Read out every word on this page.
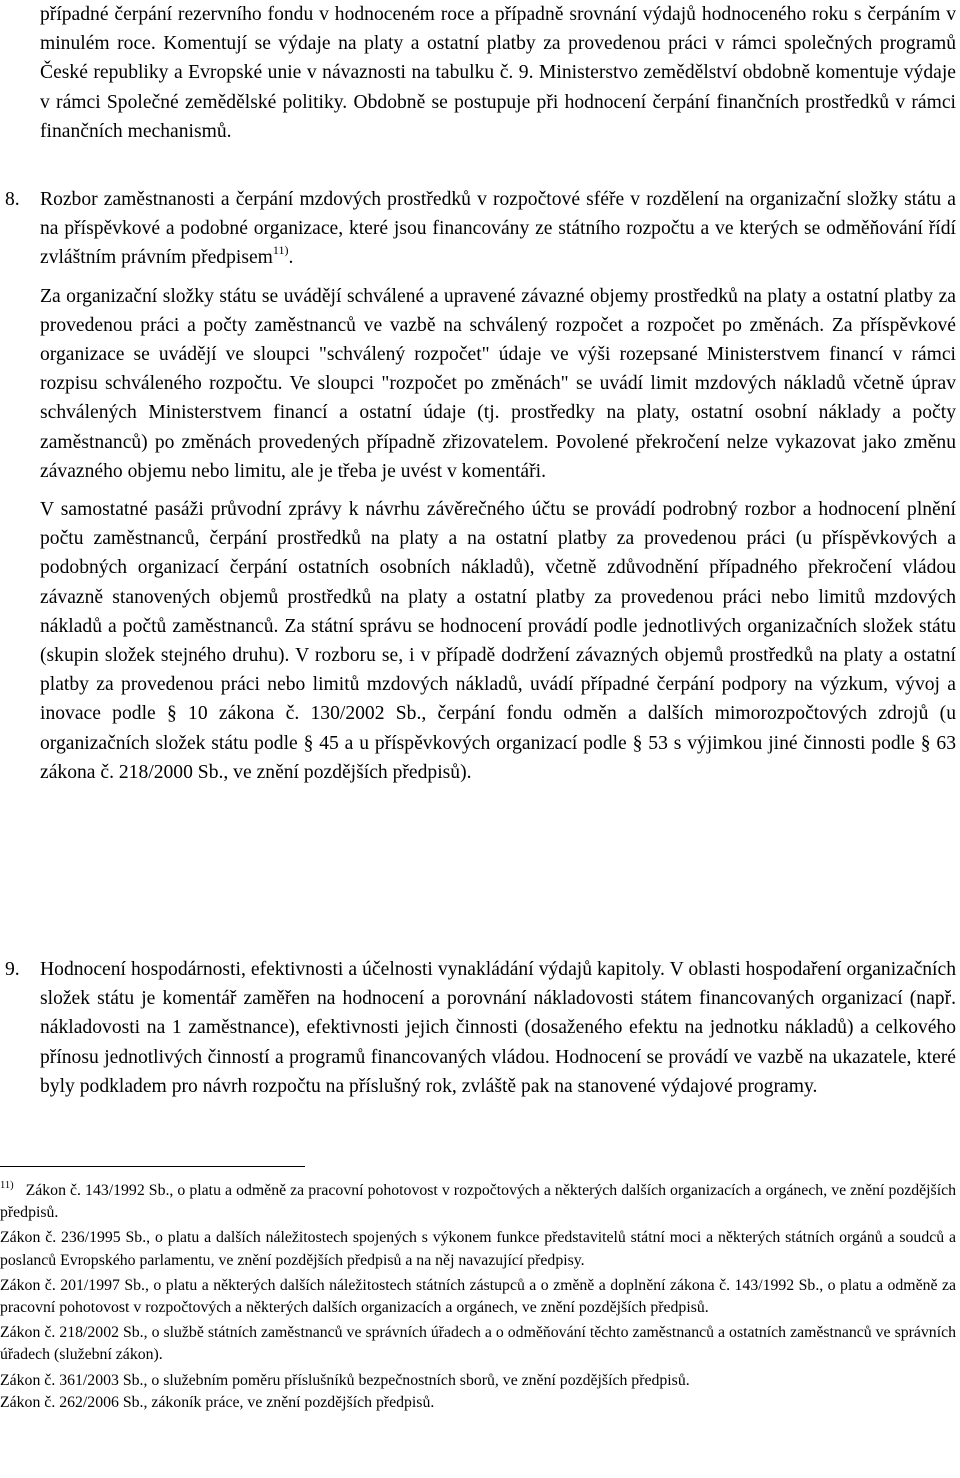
případné čerpání rezervního fondu v hodnoceném roce a případně srovnání výdajů hodnoceného roku s čerpáním v minulém roce. Komentují se výdaje na platy a ostatní platby za provedenou práci v rámci společných programů České republiky a Evropské unie v návaznosti na tabulku č. 9. Ministerstvo zemědělství obdobně komentuje výdaje v rámci Společné zemědělské politiky. Obdobně se postupuje při hodnocení čerpání finančních prostředků v rámci finančních mechanismů.

8. Rozbor zaměstnanosti a čerpání mzdových prostředků v rozpočtové sféře v rozdělení na organizační složky státu a na příspěvkové a podobné organizace, které jsou financovány ze státního rozpočtu a ve kterých se odměňování řídí zvláštním právním předpisem$^{11)}$.

Za organizační složky státu se uvádějí schválené a upravené závazné objemy prostředků na platy a ostatní platby za provedenou práci a počty zaměstnanců ve vazbě na schválený rozpočet a rozpočet po změnách. Za příspěvkové organizace se uvádějí ve sloupci "schválený rozpočet" údaje ve výši rozepsané Ministerstvem financí v rámci rozpisu schváleného rozpočtu. Ve sloupci "rozpočet po změnách" se uvádí limit mzdových nákladů včetně úprav schválených Ministerstvem financí a ostatní údaje (tj. prostředky na platy, ostatní osobní náklady a počty zaměstnanců) po změnách provedených případně zřizovatelem. Povolené překročení nelze vykazovat jako změnu závazného objemu nebo limitu, ale je třeba je uvést v komentáři.

V samostatné pasáži průvodní zprávy k návrhu závěrečného účtu se provádí podrobný rozbor a hodnocení plnění počtu zaměstnanců, čerpání prostředků na platy a na ostatní platby za provedenou práci (u příspěvkových a podobných organizací čerpání ostatních osobních nákladů), včetně zdůvodnění případného překročení vládou závazně stanovených objemů prostředků na platy a ostatní platby za provedenou práci nebo limitů mzdových nákladů a počtů zaměstnanců. Za státní správu se hodnocení provádí podle jednotlivých organizačních složek státu (skupin složek stejného druhu). V rozboru se, i v případě dodržení závazných objemů prostředků na platy a ostatní platby za provedenou práci nebo limitů mzdových nákladů, uvádí případné čerpání podpory na výzkum, vývoj a inovace podle § 10 zákona č. 130/2002 Sb., čerpání fondu odměn a dalších mimorozpočtových zdrojů (u organizačních složek státu podle § 45 a u příspěvkových organizací podle § 53 s výjimkou jiné činnosti podle § 63 zákona č. 218/2000 Sb., ve znění pozdějších předpisů).

9. Hodnocení hospodárnosti, efektivnosti a účelnosti vynakládání výdajů kapitoly. V oblasti hospodaření organizačních složek státu je komentář zaměřen na hodnocení a porovnání nákladovosti státem financovaných organizací (např. nákladovosti na 1 zaměstnance), efektivnosti jejich činnosti (dosaženého efektu na jednotku nákladů) a celkového přínosu jednotlivých činností a programů financovaných vládou. Hodnocení se provádí ve vazbě na ukazatele, které byly podkladem pro návrh rozpočtu na příslušný rok, zvláště pak na stanovené výdajové programy.

$^{11)}$ Zákon č. 143/1992 Sb., o platu a odměně za pracovní pohotovost v rozpočtových a některých dalších organizacích a orgánech, ve znění pozdějších předpisů.

Zákon č. 236/1995 Sb., o platu a dalších náležitostech spojených s výkonem funkce představitelů státní moci a některých státních orgánů a soudců a poslanců Evropského parlamentu, ve znění pozdějších předpisů a na něj navazující předpisy.

Zákon č. 201/1997 Sb., o platu a některých dalších náležitostech státních zástupců a o změně a doplnění zákona č. 143/1992 Sb., o platu a odměně za pracovní pohotovost v rozpočtových a některých dalších organizacích a orgánech, ve znění pozdějších předpisů.

Zákon č. 218/2002 Sb., o službě státních zaměstnanců ve správních úřadech a o odměňování těchto zaměstnanců a ostatních zaměstnanců ve správních úřadech (služební zákon).

Zákon č. 361/2003 Sb., o služebním poměru příslušníků bezpečnostních sborů, ve znění pozdějších předpisů.

Zákon č. 262/2006 Sb., zákoník práce, ve znění pozdějších předpisů.
